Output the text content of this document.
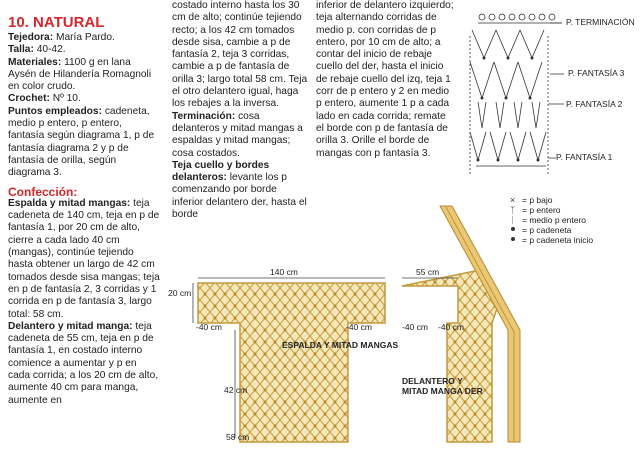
10. NATURAL

Tejedora: María Pardo.

Talla: 40-42.

Materiales: 1100 g en lana Aysén de Hilandería Romagnoli en color crudo.

Crochet: Nº 10.

Puntos empleados: cadeneta, medio p entero, p entero, fantasía según diagrama 1, p de fantasía diagrama 2 y p de fantasía de orilla, según diagrama 3.

Confección:

Espalda y mitad mangas: teja cadeneta de 140 cm, teja en p de fantasía 1, por 20 cm de alto, cierre a cada lado 40 cm (mangas), continúe tejiendo hasta obtener un largo de 42 cm tomados desde sisa mangas; teja en p de fantasía 2, 3 corridas y 1 corrida en p de fantasía 3, largo total: 58 cm.

Delantero y mitad manga: teja cadeneta de 55 cm, teja en p de fantasía 1, en costado interno comience a aumentar y p en cada corrida; a los 20 cm de alto, aumente 40 cm para manga, aumente en

costado interno hasta los 30 cm de alto; continúe tejiendo recto; a los 42 cm tomados desde sisa, cambie a p de fantasía 2, teja 3 corridas, cambie a p de fantasía de orilla 3; largo total 58 cm. Teja el otro delantero igual, haga los rebajes a la inversa.

Terminación: cosa delanteros y mitad mangas a espaldas y mitad mangas; cosa costados.

Teja cuello y bordes delanteros: levante los p comenzando por borde inferior delantero der, hasta el borde

inferior de delantero izquierdo; teja alternando corridas de medio p. con corridas de p entero, por 10 cm de alto; a contar del inicio de rebaje cuello del der, hasta el inicio de rebaje cuello del izq, teja 1 corr de p entero y 2 en medio p entero, aumente 1 p a cada lado en cada corrida; remate el borde con p de fantasía de orilla 3. Orille el borde de mangas con p fantasía 3.

×
ᛉ
ᛁ
P. TERMINACIÓN
P. FANTASÍA 3
P. FANTASÍA 2
P. FANTASÍA 1
= p bajo
= p entero
= medio p entero
= p cadeneta
= p cadeneta inicio
140 cm
20 cm
-40 cm	-40 cm
42 cm
58 cm
ESPALDA Y MITAD MANGAS
55 cm
-40 cm -40 cm
DELANTERO Y
MITAD MANGA DER
